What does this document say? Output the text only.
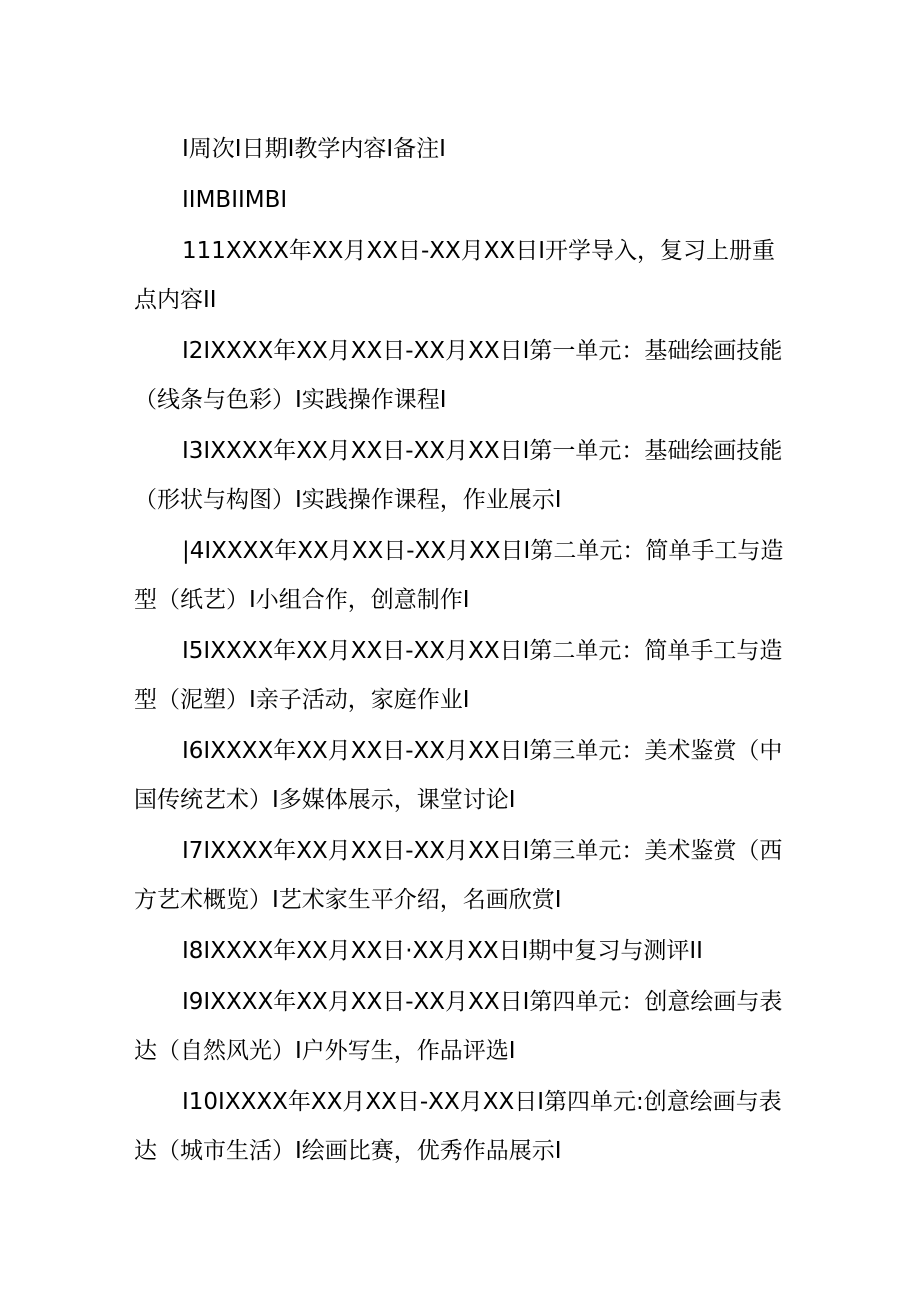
I周次I日期I教学内容I备注I

IIMBIIMBI

111XXXX年XX月XX日-XX月XX日I开学导入，复习上册重点内容II

I2IXXXX年XX月XX日-XX月XX日I第一单元：基础绘画技能（线条与色彩）I实践操作课程I

I3IXXXX年XX月XX日-XX月XX日I第一单元：基础绘画技能（形状与构图）I实践操作课程，作业展示I

|4IXXXX年XX月XX日-XX月XX日I第二单元：简单手工与造型（纸艺）I小组合作，创意制作I

I5IXXXX年XX月XX日-XX月XX日I第二单元：简单手工与造型（泥塑）I亲子活动，家庭作业I

I6IXXXX年XX月XX日-XX月XX日I第三单元：美术鉴赏（中国传统艺术）I多媒体展示，课堂讨论I

I7IXXXX年XX月XX日-XX月XX日I第三单元：美术鉴赏（西方艺术概览）I艺术家生平介绍，名画欣赏I

I8IXXXX年XX月XX日·XX月XX日I期中复习与测评II

I9IXXXX年XX月XX日-XX月XX日I第四单元：创意绘画与表达（自然风光）I户外写生，作品评选I

I10IXXXX年XX月XX日-XX月XX日I第四单元:创意绘画与表达（城市生活）I绘画比赛，优秀作品展示I
